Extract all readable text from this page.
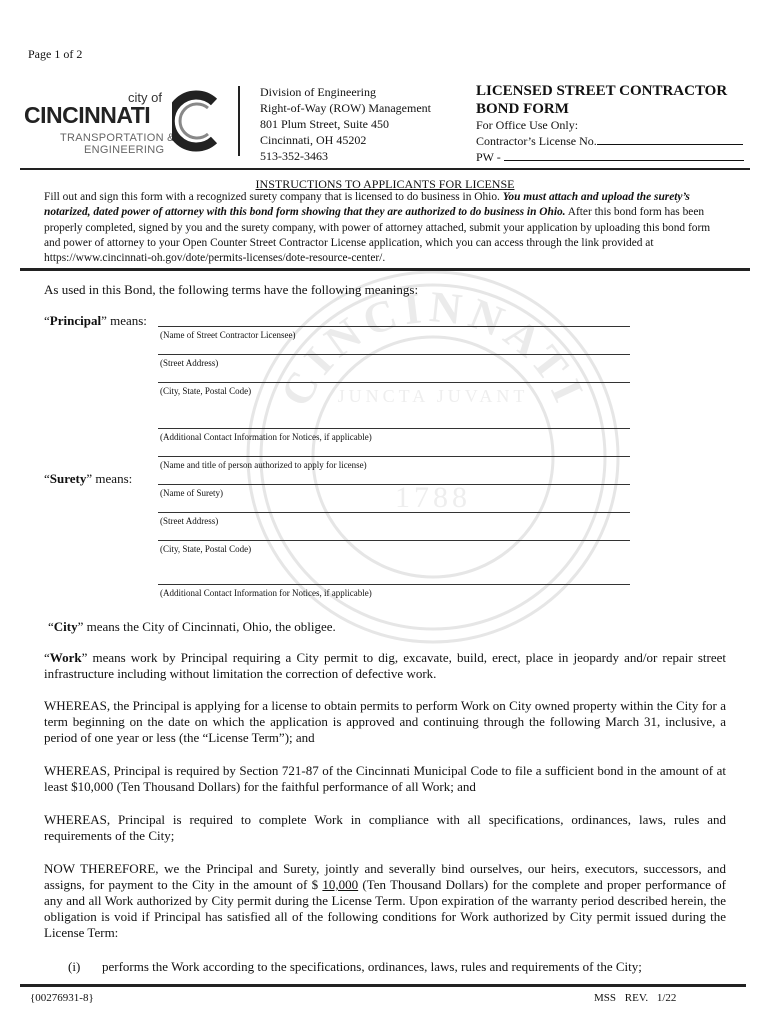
Page 1 of 2
CINCINNATI
JUNCTA JUVANT
1788
city of
CINCINNATI
TRANSPORTATION &
ENGINEERING
Division of Engineering
Right-of-Way (ROW) Management
801 Plum Street, Suite 450
Cincinnati, OH 45202
513-352-3463
LICENSED STREET CONTRACTOR
BOND FORM
For Office Use Only:
Contractor’s License No.
PW -
INSTRUCTIONS TO APPLICANTS FOR LICENSE
Fill out and sign this form with a recognized surety company that is licensed to do business in Ohio. You must attach and upload the surety’s notarized, dated power of attorney with this bond form showing that they are authorized to do business in Ohio. After this bond form has been properly completed, signed by you and the surety company, with power of attorney attached, submit your application by uploading this bond form and power of attorney to your Open Counter Street Contractor License application, which you can access through the link provided at https://www.cincinnati-oh.gov/dote/permits-licenses/dote-resource-center/.
As used in this Bond, the following terms have the following meanings:
“Principal” means:
(Name of Street Contractor Licensee)
(Street Address)
(City, State, Postal Code)
(Additional Contact Information for Notices, if applicable)
(Name and title of person authorized to apply for license)
“Surety” means:
(Name of Surety)
(Street Address)
(City, State, Postal Code)
(Additional Contact Information for Notices, if applicable)
“City” means the City of Cincinnati, Ohio, the obligee.
“Work” means work by Principal requiring a City permit to dig, excavate, build, erect, place in jeopardy and/or repair street infrastructure including without limitation the correction of defective work.
WHEREAS, the Principal is applying for a license to obtain permits to perform Work on City owned property within the City for a term beginning on the date on which the application is approved and continuing through the following March 31, inclusive, a period of one year or less (the “License Term”); and
WHEREAS, Principal is required by Section 721-87 of the Cincinnati Municipal Code to file a sufficient bond in the amount of at least $10,000 (Ten Thousand Dollars) for the faithful performance of all Work; and
WHEREAS, Principal is required to complete Work in compliance with all specifications, ordinances, laws, rules and requirements of the City;
NOW THEREFORE, we the Principal and Surety, jointly and severally bind ourselves, our heirs, executors, successors, and assigns, for payment to the City in the amount of $ 10,000 (Ten Thousand Dollars) for the complete and proper performance of any and all Work authorized by City permit during the License Term. Upon expiration of the warranty period described herein, the obligation is void if Principal has satisfied all of the following conditions for Work authorized by City permit issued during the License Term:
(i) performs the Work according to the specifications, ordinances, laws, rules and requirements of the City;
{00276931-8}	MSS REV. 1/22
